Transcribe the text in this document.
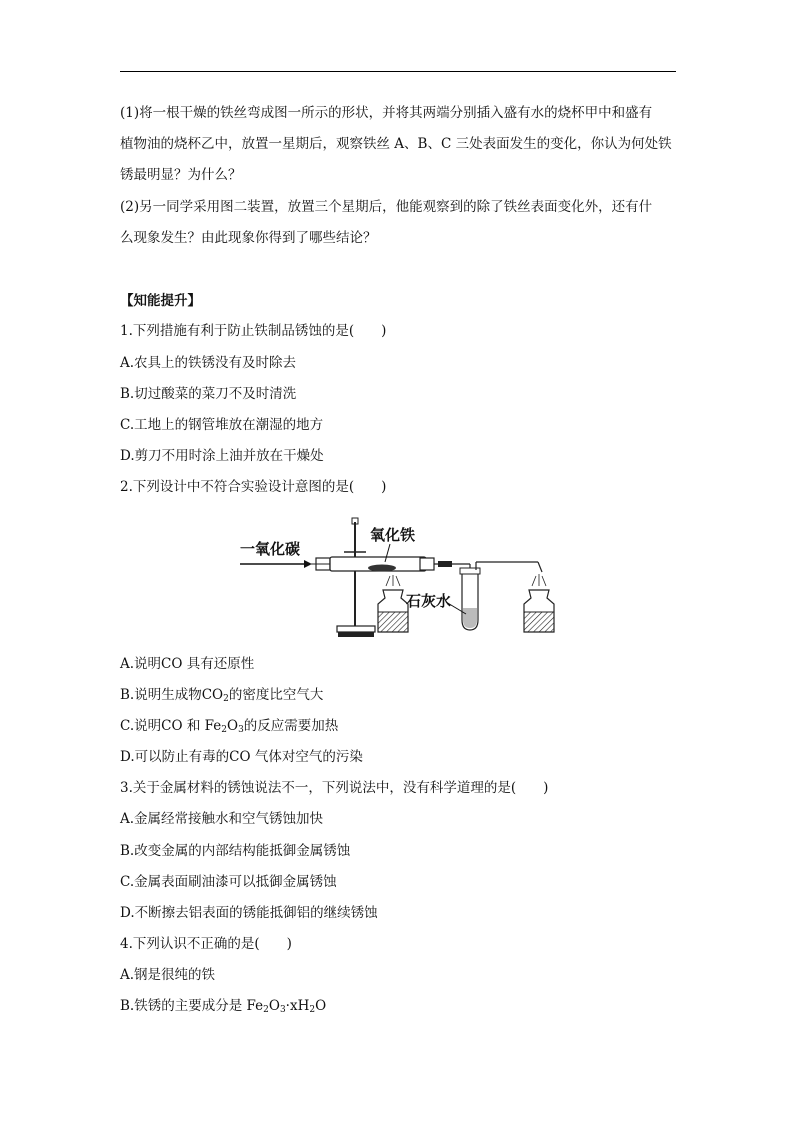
(1)将一根干燥的铁丝弯成图一所示的形状，并将其两端分别插入盛有水的烧杯甲中和盛有
植物油的烧杯乙中，放置一星期后，观察铁丝 A、B、C 三处表面发生的变化，你认为何处铁
锈最明显？为什么？
(2)另一同学采用图二装置，放置三个星期后，他能观察到的除了铁丝表面变化外，还有什
么现象发生？由此现象你得到了哪些结论？
【知能提升】
1.下列措施有利于防止铁制品锈蚀的是(　　)
A.农具上的铁锈没有及时除去
B.切过酸菜的菜刀不及时清洗
C.工地上的钢管堆放在潮湿的地方
D.剪刀不用时涂上油并放在干燥处
2.下列设计中不符合实验设计意图的是(　　)
一氧化碳
氧化铁
石灰水
A.说明CO 具有还原性
B.说明生成物$CO_2$的密度比空气大
C.说明CO 和 $Fe_2O_3$的反应需要加热
D.可以防止有毒的CO 气体对空气的污染
3.关于金属材料的锈蚀说法不一，下列说法中，没有科学道理的是(　　)
A.金属经常接触水和空气锈蚀加快
B.改变金属的内部结构能抵御金属锈蚀
C.金属表面刷油漆可以抵御金属锈蚀
D.不断擦去铝表面的锈能抵御铝的继续锈蚀
4.下列认识不正确的是(　　)
A.钢是很纯的铁
B.铁锈的主要成分是 $Fe_2O_3\cdot xH_2O$
